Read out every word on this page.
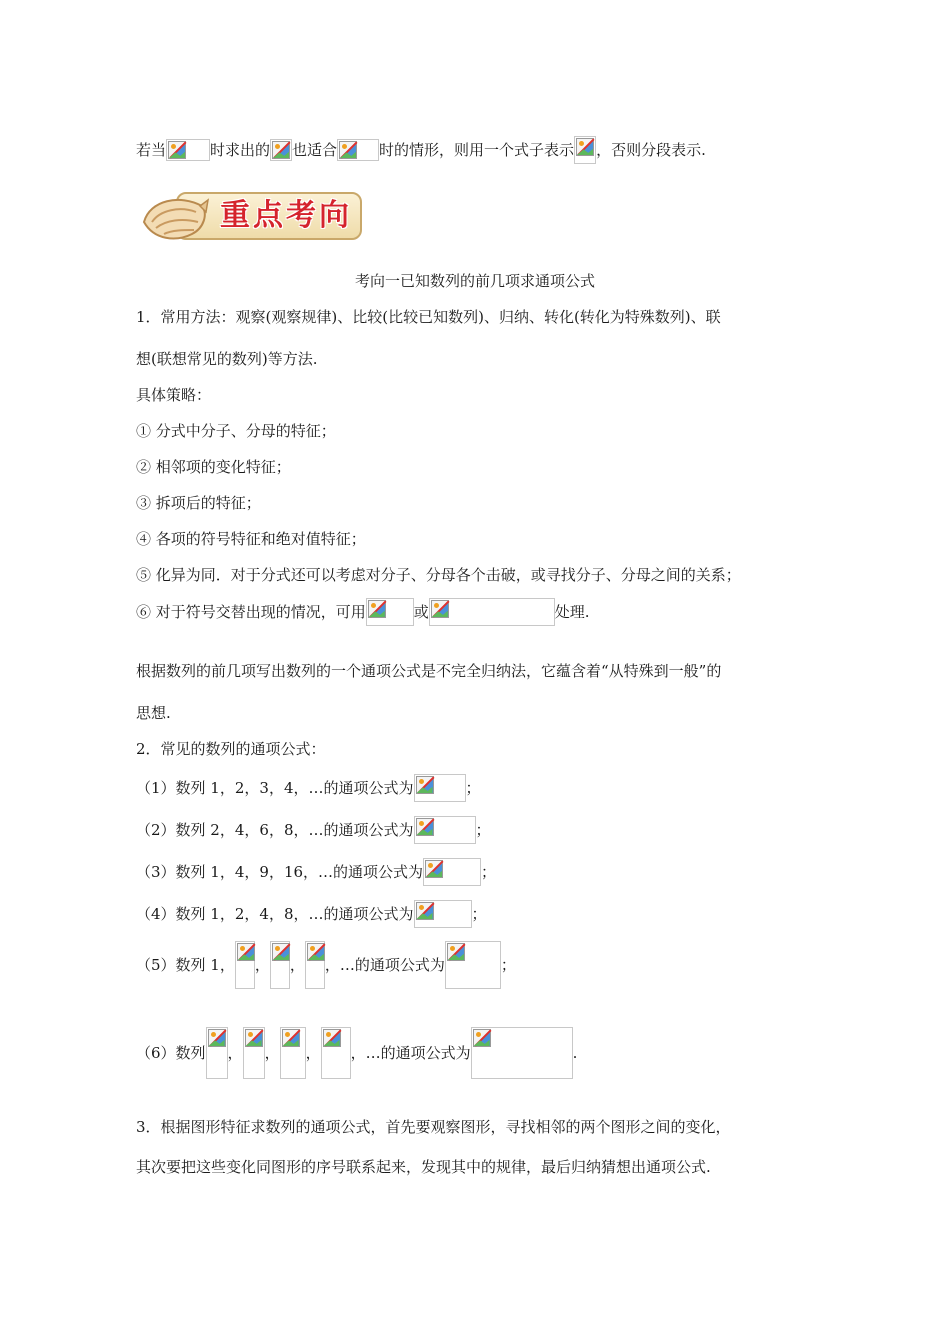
若当	时求出的 也适合	时的情形，则用一个式子表示 ，否则分段表示.
重点考向
考向一已知数列的前几项求通项公式
1．常用方法：观察(观察规律)、比较(比较已知数列)、归纳、转化(转化为特殊数列)、联
想(联想常见的数列)等方法.
具体策略：
① 分式中分子、分母的特征；
② 相邻项的变化特征；
③ 拆项后的特征；
④ 各项的符号特征和绝对值特征；
⑤ 化异为同．对于分式还可以考虑对分子、分母各个击破，或寻找分子、分母之间的关系；
⑥ 对于符号交替出现的情况，可用	或	处理.
根据数列的前几项写出数列的一个通项公式是不完全归纳法，它蕴含着“从特殊到一般”的
思想.
2．常见的数列的通项公式：
（1）数列 1，2，3，4，…的通项公式为	；
（2）数列 2，4，6，8，…的通项公式为	；
（3）数列 1，4，9，16，…的通项公式为	；
（4）数列 1，2，4，8，…的通项公式为	；
（5）数列 1， ， ， ，…的通项公式为	；
（6）数列 ， ， ， ，…的通项公式为	.
3．根据图形特征求数列的通项公式，首先要观察图形，寻找相邻的两个图形之间的变化，
其次要把这些变化同图形的序号联系起来，发现其中的规律，最后归纳猜想出通项公式.
